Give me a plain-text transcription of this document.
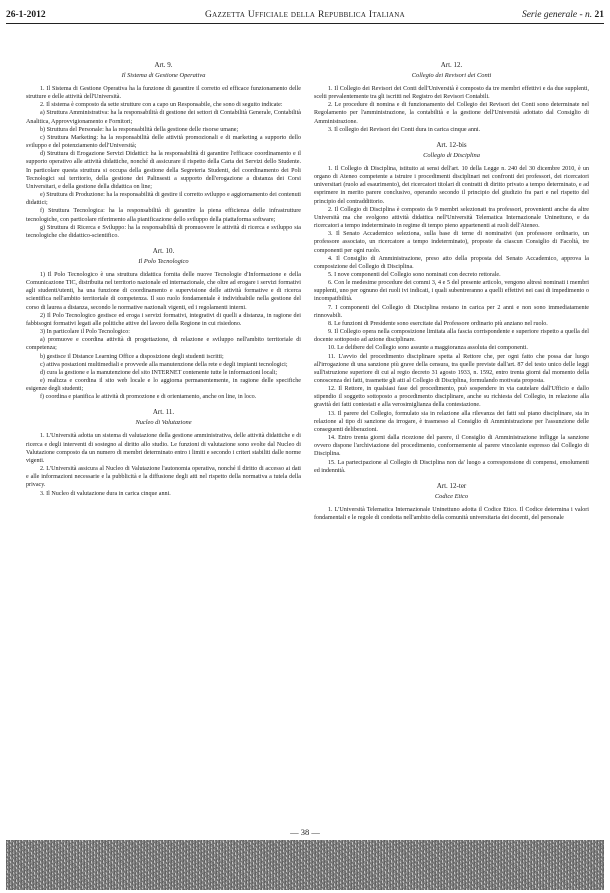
26-1-2012	Gazzetta Ufficiale della Repubblica Italiana	Serie generale - n. 21
Art. 9.
Il Sistema di Gestione Operativa

1. Il Sistema di Gestione Operativa ha la funzione di garantire il corretto ed efficace funzionamento delle strutture e delle attività dell'Università.

2. Il sistema è composto da sette strutture con a capo un Responsabile, che sono di seguito indicate:

a) Struttura Amministrativa: ha la responsabilità di gestione dei settori di Contabilità Generale, Contabilità Analitica, Approvvigionamento e Fornitori;

b) Struttura del Personale: ha la responsabilità della gestione delle risorse umane;

c) Struttura Marketing: ha la responsabilità delle attività promozionali e di marketing a supporto dello sviluppo e del potenziamento dell'Università;

d) Struttura di Erogazione Servizi Didattici: ha la responsabilità di garantire l'efficace coordinamento e il supporto operativo alle attività didattiche, nonché di assicurare il rispetto della Carta dei Servizi dello Studente. In particolare questa struttura si occupa della gestione della Segreteria Studenti, del coordinamento dei Poli Tecnologici sul territorio, della gestione dei Palinsesti a supporto dell'erogazione a distanza dei Corsi Universitari, e della gestione della didattica on line;

e) Struttura di Produzione: ha la responsabilità di gestire il corretto sviluppo e aggiornamento dei contenuti didattici;

f) Struttura Tecnologica: ha la responsabilità di garantire la piena efficienza delle infrastrutture tecnologiche, con particolare riferimento alla pianificazione dello sviluppo della piattaforma software;

g) Struttura di Ricerca e Sviluppo: ha la responsabilità di promuovere le attività di ricerca e sviluppo sia tecnologiche che didattico-scientifico.

Art. 10.
Il Polo Tecnologico

1) Il Polo Tecnologico è una struttura didattica fornita delle nuove Tecnologie d'Informazione e della Comunicazione TIC, distribuita nel territorio nazionale ed internazionale, che oltre ad erogare i servizi formativi agli studenti/utenti, ha una funzione di coordinamento e supervisione delle attività formative e di ricerca scientifica nell'ambito territoriale di competenza. Il suo ruolo fondamentale è individuabile nella gestione del corso di laurea a distanza, secondo le normative nazionali vigenti, ed i regolamenti interni.

2) Il Polo Tecnologico gestisce ed eroga i servizi formativi, integrativi di quelli a distanza, in ragione dei fabbisogni formativi legati alle politiche attive del lavoro della Regione in cui risiedono.

3) In particolare il Polo Tecnologico:

a) promuove e coordina attività di progettazione, di relazione e sviluppo nell'ambito territoriale di competenza;

b) gestisce il Distance Learning Office a disposizione degli studenti iscritti;

c) attiva postazioni multimediali e provvede alla manutenzione della rete e degli impianti tecnologici;

d) cura la gestione e la manutenzione del sito INTERNET contenente tutte le informazioni locali;

e) realizza e coordina il sito web locale e lo aggiorna permanentemente, in ragione delle specifiche esigenze degli studenti;

f) coordina e pianifica le attività di promozione e di orientamento, anche on line, in loco.

Art. 11.
Nucleo di Valutazione

1. L'Università adotta un sistema di valutazione della gestione amministrativa, delle attività didattiche e di ricerca e degli interventi di sostegno al diritto allo studio. Le funzioni di valutazione sono svolte dal Nucleo di Valutazione composto da un numero di membri determinato entro i limiti e secondo i criteri stabiliti dalle norme vigenti.

2. L'Università assicura al Nucleo di Valutazione l'autonomia operativa, nonché il diritto di accesso ai dati e alle informazioni necessarie e la pubblicità e la diffusione degli atti nel rispetto della normativa a tutela della privacy.

3. Il Nucleo di valutazione dura in carica cinque anni.

Art. 12.
Collegio dei Revisori dei Conti

1. Il Collegio dei Revisori dei Conti dell'Università è composto da tre membri effettivi e da due supplenti, scelti prevalentemente tra gli iscritti nel Registro dei Revisori Contabili.

2. Le procedure di nomina e di funzionamento del Collegio dei Revisori dei Conti sono determinate nel Regolamento per l'amministrazione, la contabilità e la gestione dell'Università adottato dal Consiglio di Amministrazione.

3. Il collegio dei Revisori dei Conti dura in carica cinque anni.

Art. 12-bis
Collegio di Disciplina

1. Il Collegio di Disciplina, istituito ai sensi dell'art. 10 della Legge n. 240 del 30 dicembre 2010, è un organo di Ateneo competente a istruire i procedimenti disciplinari nei confronti dei professori, dei ricercatori universitari (ruolo ad esaurimento), dei ricercatori titolari di contratti di diritto privato a tempo determinato, e ad esprimere in merito parere conclusivo, operando secondo il principio del giudizio fra pari e nel rispetto del principio del contraddittorio.

2. Il Collegio di Disciplina è composto da 9 membri selezionati tra professori, provenienti anche da altre Università ma che svolgono attività didattica nell'Università Telematica Internazionale Uninettuno, e da ricercatori a tempo indeterminato in regime di tempo pieno appartenenti ai ruoli dell'Ateneo.

3. Il Senato Accademico seleziona, sulla base di terne di nominativi (un professore ordinario, un professore associato, un ricercatore a tempo indeterminato), proposte da ciascun Consiglio di Facoltà, tre componenti per ogni ruolo.

4. Il Consiglio di Amministrazione, preso atto della proposta del Senato Accademico, approva la composizione del Collegio di Disciplina.

5. I nove componenti del Collegio sono nominati con decreto rettorale.

6. Con le medesime procedure dei commi 3, 4 e 5 del presente articolo, vengono altresì nominati i membri supplenti, uno per ognuno dei ruoli ivi indicati, i quali subentreranno a quelli effettivi nei casi di impedimento o incompatibilità.

7. I componenti del Collegio di Disciplina restano in carica per 2 anni e non sono immediatamente rinnovabili.

8. Le funzioni di Presidente sono esercitate dal Professore ordinario più anziano nel ruolo.

9. Il Collegio opera nella composizione limitata alla fascia corrispondente e superiore rispetto a quella del docente sottoposto ad azione disciplinare.

10. Le delibere del Collegio sono assunte a maggioranza assoluta dei componenti.

11. L'avvio del procedimento disciplinare spetta al Rettore che, per ogni fatto che possa dar luogo all'irrogazione di una sanzione più grave della censura, tra quelle previste dall'art. 87 del testo unico delle leggi sull'istruzione superiore di cui al regio decreto 31 agosto 1933, n. 1592, entro trenta giorni dal momento della conoscenza dei fatti, trasmette gli atti al Collegio di Disciplina, formulando motivata proposta.

12. Il Rettore, in qualsiasi fase del procedimento, può sospendere in via cautelare dall'Ufficio e dallo stipendio il soggetto sottoposto a procedimento disciplinare, anche su richiesta del Collegio, in relazione alla gravità dei fatti contestati e alla verosimiglianza della contestazione.

13. Il parere del Collegio, formulato sia in relazione alla rilevanza dei fatti sul piano disciplinare, sia in relazione al tipo di sanzione da irrogare, è trasmesso al Consiglio di Amministrazione per l'assunzione delle conseguenti deliberazioni.

14. Entro trenta giorni dalla ricezione del parere, il Consiglio di Amministrazione infligge la sanzione ovvero dispone l'archiviazione del procedimento, conformemente al parere vincolante espresso dal Collegio di Disciplina.

15. La partecipazione al Collegio di Disciplina non da' luogo a corresponsione di compensi, emolumenti ed indennità.

Art. 12-ter
Codice Etico

1. L'Università Telematica Internazionale Uninettuno adotta il Codice Etico. Il Codice determina i valori fondamentali e le regole di condotta nell'ambito della comunità universitaria dei docenti, del personale

— 38 —
